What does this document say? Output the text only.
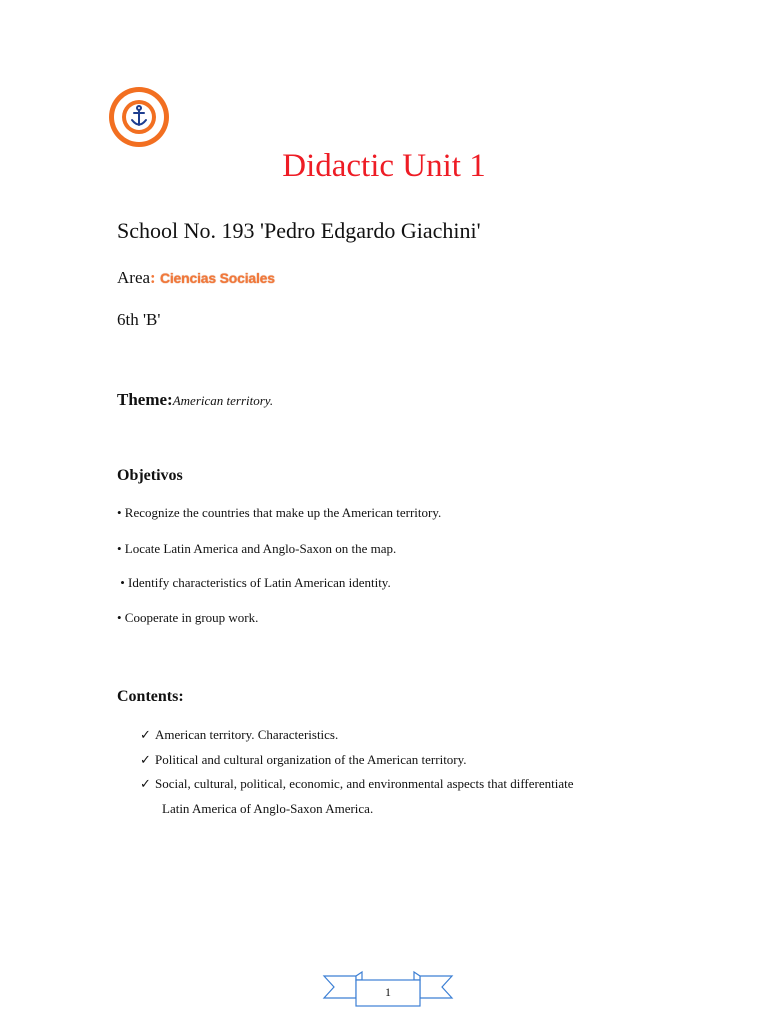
Didactic Unit 1
School No. 193 'Pedro Edgardo Giachini'
Area: Ciencias Sociales
6th 'B'
Theme:American territory.
Objetivos
• Recognize the countries that make up the American territory.
• Locate Latin America and Anglo-Saxon on the map.
• Identify characteristics of Latin American identity.
• Cooperate in group work.
Contents:
✓ American territory. Characteristics.
✓ Political and cultural organization of the American territory.
✓ Social, cultural, political, economic, and environmental aspects that differentiate
Latin America of Anglo-Saxon America.
1
